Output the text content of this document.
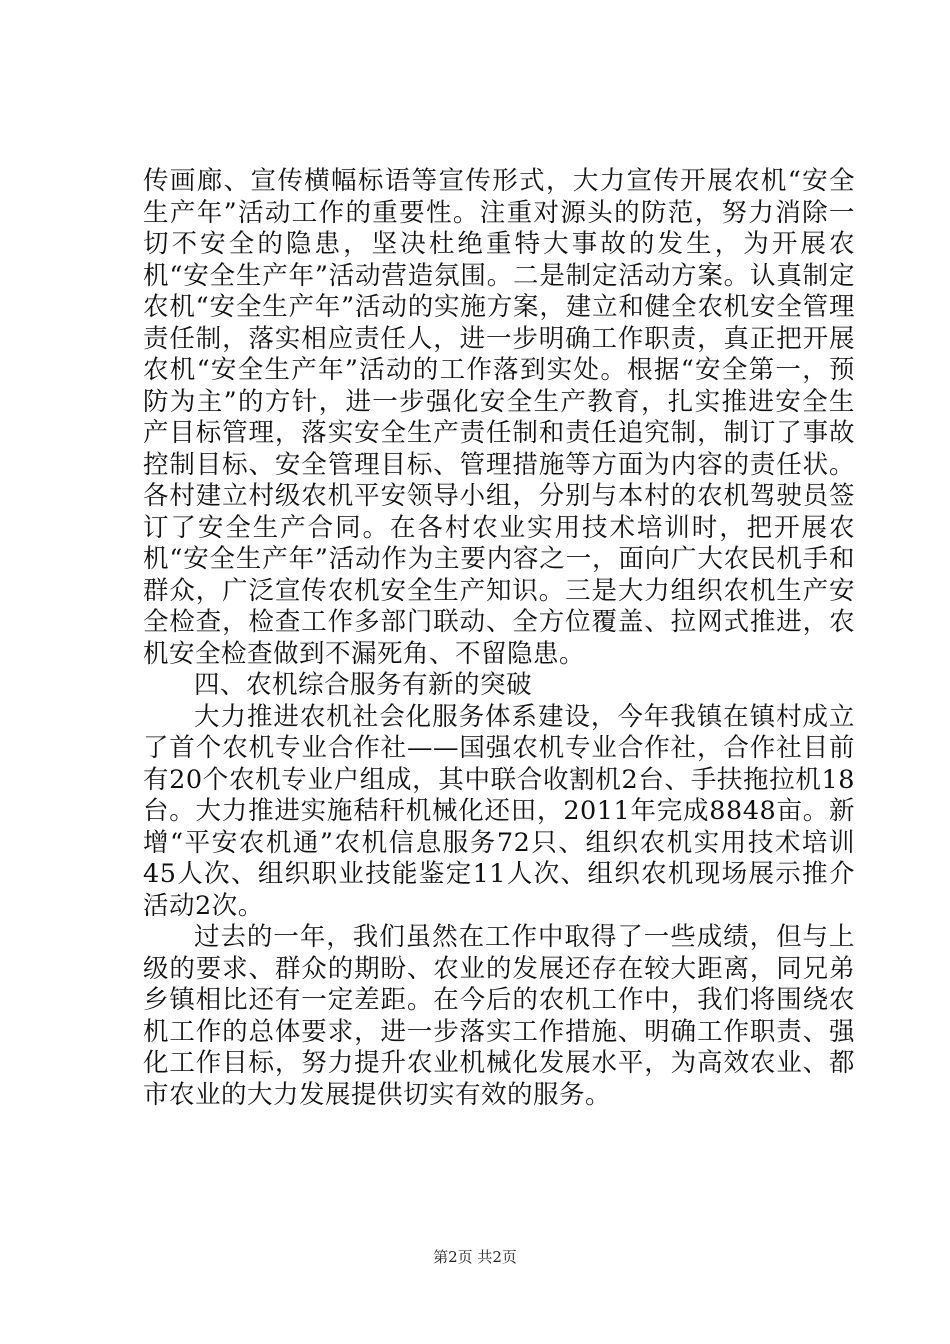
传画廊、宣传横幅标语等宣传形式，大力宣传开展农机“安全生产年”活动工作的重要性。注重对源头的防范，努力消除一切不安全的隐患，坚决杜绝重特大事故的发生，为开展农机“安全生产年”活动营造氛围。二是制定活动方案。认真制定农机“安全生产年”活动的实施方案，建立和健全农机安全管理责任制，落实相应责任人，进一步明确工作职责，真正把开展农机“安全生产年”活动的工作落到实处。根据“安全第一，预防为主”的方针，进一步强化安全生产教育，扎实推进安全生产目标管理，落实安全生产责任制和责任追究制，制订了事故控制目标、安全管理目标、管理措施等方面为内容的责任状。各村建立村级农机平安领导小组，分别与本村的农机驾驶员签订了安全生产合同。在各村农业实用技术培训时，把开展农机“安全生产年”活动作为主要内容之一，面向广大农民机手和群众，广泛宣传农机安全生产知识。三是大力组织农机生产安全检查，检查工作多部门联动、全方位覆盖、拉网式推进，农机安全检查做到不漏死角、不留隐患。

四、农机综合服务有新的突破

大力推进农机社会化服务体系建设，今年我镇在镇村成立了首个农机专业合作社——国强农机专业合作社，合作社目前有20个农机专业户组成，其中联合收割机2台、手扶拖拉机18台。大力推进实施秸秆机械化还田，2011年完成8848亩。新增“平安农机通”农机信息服务72只、组织农机实用技术培训45人次、组织职业技能鉴定11人次、组织农机现场展示推介活动2次。

过去的一年，我们虽然在工作中取得了一些成绩，但与上级的要求、群众的期盼、农业的发展还存在较大距离，同兄弟乡镇相比还有一定差距。在今后的农机工作中，我们将围绕农机工作的总体要求，进一步落实工作措施、明确工作职责、强化工作目标，努力提升农业机械化发展水平，为高效农业、都市农业的大力发展提供切实有效的服务。

第2页 共2页
